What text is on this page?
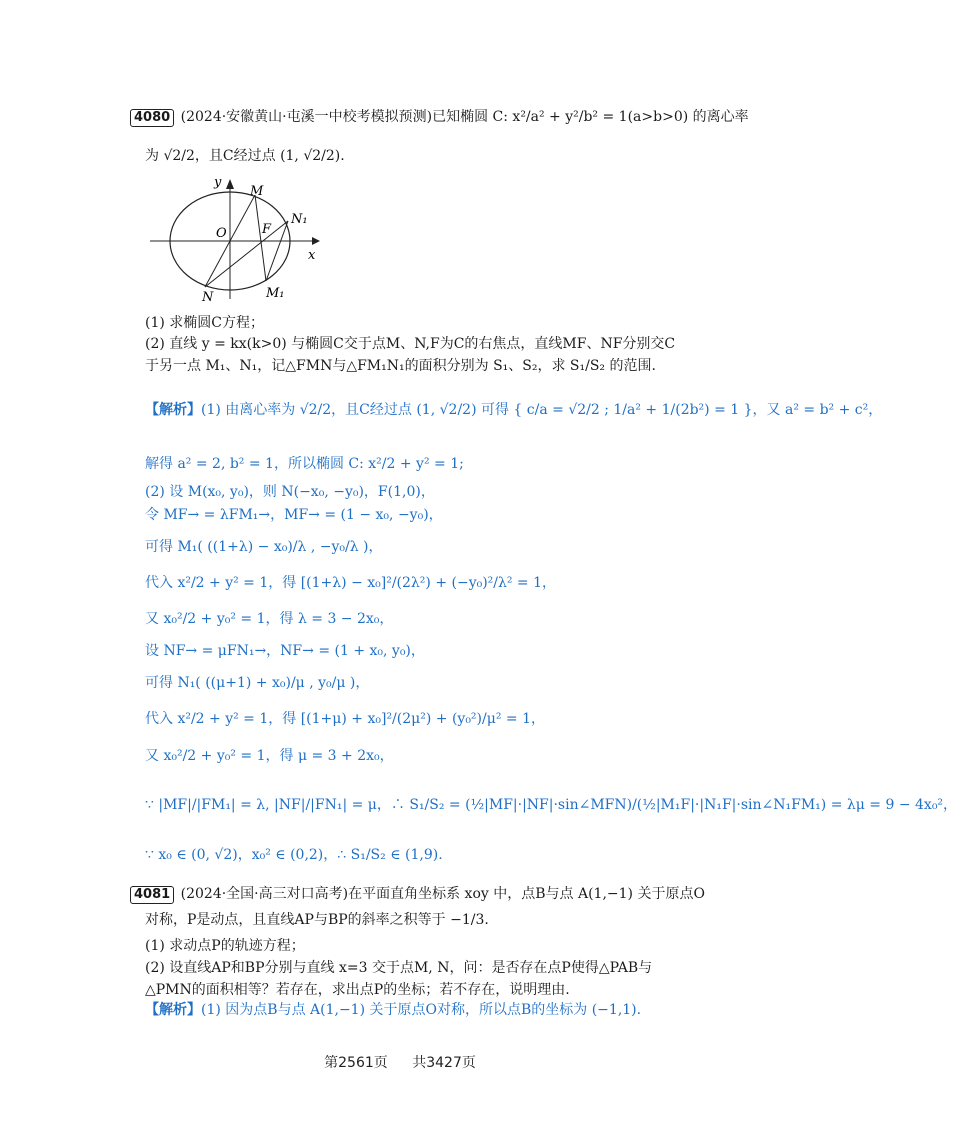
4080 (2024·安徽黄山·屯溪一中校考模拟预测)已知椭圆 C: x²/a² + y²/b² = 1(a>b>0) 的离心率
为 √2/2，且C经过点 (1, √2/2).
y
x
O
M
N
F
N₁
M₁
(1) 求椭圆C方程；
(2) 直线 y = kx(k>0) 与椭圆C交于点M、N,F为C的右焦点，直线MF、NF分别交C
于另一点 M₁、N₁，记△FMN与△FM₁N₁的面积分别为 S₁、S₂，求 S₁/S₂ 的范围.
【解析】(1) 由离心率为 √2/2，且C经过点 (1, √2/2) 可得 { c/a = √2/2 ; 1/a² + 1/(2b²) = 1 }，又 a² = b² + c²，
解得 a² = 2, b² = 1，所以椭圆 C: x²/2 + y² = 1;
(2) 设 M(x₀, y₀)，则 N(−x₀, −y₀)，F(1,0)，
令 MF→ = λFM₁→，MF→ = (1 − x₀, −y₀)，
可得 M₁( ((1+λ) − x₀)/λ , −y₀/λ )，
代入 x²/2 + y² = 1，得 [(1+λ) − x₀]²/(2λ²) + (−y₀)²/λ² = 1，
又 x₀²/2 + y₀² = 1，得 λ = 3 − 2x₀，
设 NF→ = μFN₁→，NF→ = (1 + x₀, y₀)，
可得 N₁( ((μ+1) + x₀)/μ , y₀/μ )，
代入 x²/2 + y² = 1，得 [(1+μ) + x₀]²/(2μ²) + (y₀²)/μ² = 1，
又 x₀²/2 + y₀² = 1，得 μ = 3 + 2x₀，
∵ |MF|/|FM₁| = λ, |NF|/|FN₁| = μ，∴ S₁/S₂ = (½|MF|·|NF|·sin∠MFN)/(½|M₁F|·|N₁F|·sin∠N₁FM₁) = λμ = 9 − 4x₀²，
∵ x₀ ∈ (0, √2)，x₀² ∈ (0,2)，∴ S₁/S₂ ∈ (1,9).
4081 (2024·全国·高三对口高考)在平面直角坐标系 xoy 中，点B与点 A(1,−1) 关于原点O
对称，P是动点，且直线AP与BP的斜率之积等于 −1/3.
(1) 求动点P的轨迹方程；
(2) 设直线AP和BP分别与直线 x=3 交于点M, N，问：是否存在点P使得△PAB与
△PMN的面积相等？若存在，求出点P的坐标；若不存在，说明理由.
【解析】(1) 因为点B与点 A(1,−1) 关于原点O对称，所以点B的坐标为 (−1,1).
第2561页 共3427页
